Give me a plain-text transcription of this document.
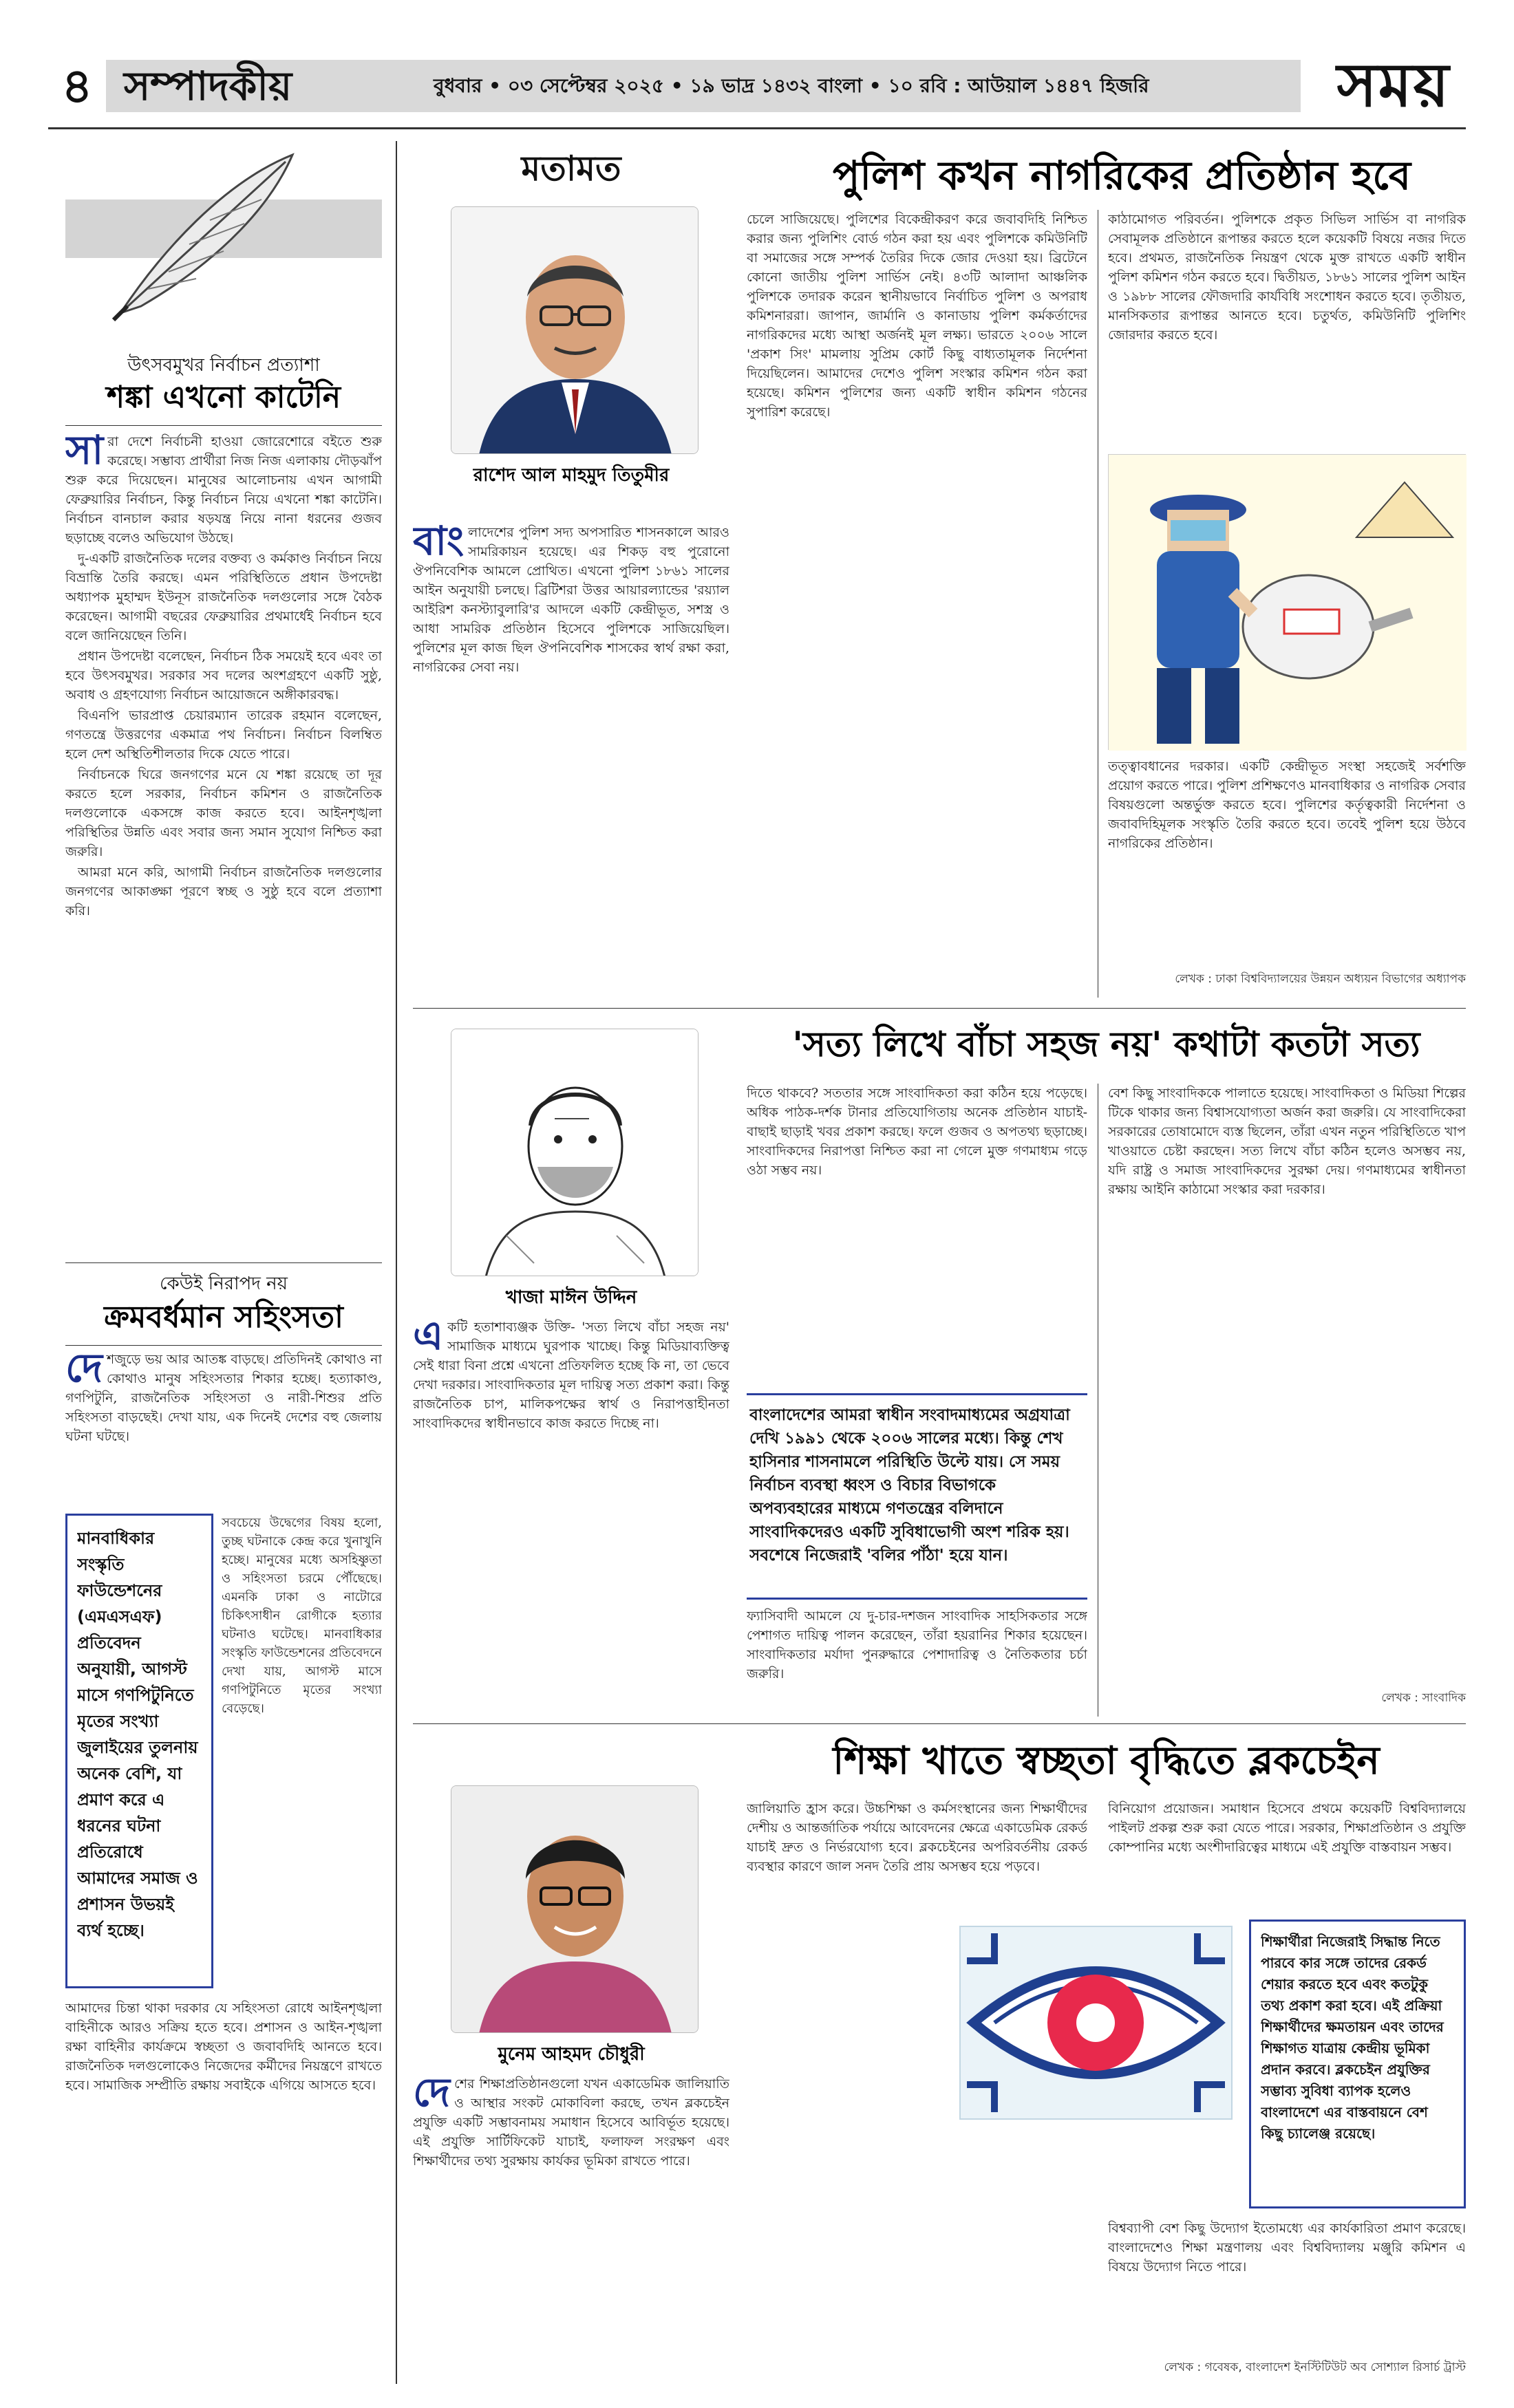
৪ সম্পাদকীয়	বুধবার • ০৩ সেপ্টেম্বর ২০২৫ • ১৯ ভাদ্র ১৪৩২ বাংলা • ১০ রবি : আউয়াল ১৪৪৭ হিজরি	সময়
উৎসবমুখর নির্বাচন প্রত্যাশা
শঙ্কা এখনো কাটেনি
সা রা দেশে নির্বাচনী হাওয়া জোরেশোরে বইতে শুরু করেছে। সম্ভাব্য প্রার্থীরা নিজ নিজ এলাকায় দৌড়ঝাঁপ শুরু করে দিয়েছেন। মানুষের আলোচনায় এখন আগামী ফেব্রুয়ারির নির্বাচন, কিন্তু নির্বাচন নিয়ে এখনো শঙ্কা কাটেনি। নির্বাচন বানচাল করার ষড়যন্ত্র নিয়ে নানা ধরনের গুজব ছড়াচ্ছে বলেও অভিযোগ উঠছে।

দু-একটি রাজনৈতিক দলের বক্তব্য ও কর্মকাণ্ড নির্বাচন নিয়ে বিভ্রান্তি তৈরি করছে। এমন পরিস্থিতিতে প্রধান উপদেষ্টা অধ্যাপক মুহাম্মদ ইউনূস রাজনৈতিক দলগুলোর সঙ্গে বৈঠক করেছেন। আগামী বছরের ফেব্রুয়ারির প্রথমার্ধেই নির্বাচন হবে বলে জানিয়েছেন তিনি।

প্রধান উপদেষ্টা বলেছেন, নির্বাচন ঠিক সময়েই হবে এবং তা হবে উৎসবমুখর। সরকার সব দলের অংশগ্রহণে একটি সুষ্ঠু, অবাধ ও গ্রহণযোগ্য নির্বাচন আয়োজনে অঙ্গীকারবদ্ধ।

বিএনপি ভারপ্রাপ্ত চেয়ারম্যান তারেক রহমান বলেছেন, গণতন্ত্রে উত্তরণের একমাত্র পথ নির্বাচন। নির্বাচন বিলম্বিত হলে দেশ অস্থিতিশীলতার দিকে যেতে পারে।

নির্বাচনকে ঘিরে জনগণের মনে যে শঙ্কা রয়েছে তা দূর করতে হলে সরকার, নির্বাচন কমিশন ও রাজনৈতিক দলগুলোকে একসঙ্গে কাজ করতে হবে। আইনশৃঙ্খলা পরিস্থিতির উন্নতি এবং সবার জন্য সমান সুযোগ নিশ্চিত করা জরুরি।

আমরা মনে করি, আগামী নির্বাচন রাজনৈতিক দলগুলোর জনগণের আকাঙ্ক্ষা পূরণে স্বচ্ছ ও সুষ্ঠু হবে বলে প্রত্যাশা করি।

কেউই নিরাপদ নয়
ক্রমবর্ধমান সহিংসতা
দে শজুড়ে ভয় আর আতঙ্ক বাড়ছে। প্রতিদিনই কোথাও না কোথাও মানুষ সহিংসতার শিকার হচ্ছে। হত্যাকাণ্ড, গণপিটুনি, রাজনৈতিক সহিংসতা ও নারী-শিশুর প্রতি সহিংসতা বাড়ছেই। দেখা যায়, এক দিনেই দেশের বহু জেলায় ঘটনা ঘটছে।
মানবাধিকার সংস্কৃতি ফাউন্ডেশনের (এমএসএফ) প্রতিবেদন অনুযায়ী, আগস্ট মাসে গণপিটুনিতে মৃতের সংখ্যা জুলাইয়ের তুলনায় অনেক বেশি, যা প্রমাণ করে এ ধরনের ঘটনা প্রতিরোধে আমাদের সমাজ ও প্রশাসন উভয়ই ব্যর্থ হচ্ছে।
সবচেয়ে উদ্বেগের বিষয় হলো, তুচ্ছ ঘটনাকে কেন্দ্র করে খুনাখুনি হচ্ছে। মানুষের মধ্যে অসহিষ্ণুতা ও সহিংসতা চরমে পৌঁছেছে। এমনকি ঢাকা ও নাটোরে চিকিৎসাধীন রোগীকে হত্যার ঘটনাও ঘটেছে। মানবাধিকার সংস্কৃতি ফাউন্ডেশনের প্রতিবেদনে দেখা যায়, আগস্ট মাসে গণপিটুনিতে মৃতের সংখ্যা বেড়েছে।
আমাদের চিন্তা থাকা দরকার যে সহিংসতা রোধে আইনশৃঙ্খলা বাহিনীকে আরও সক্রিয় হতে হবে। প্রশাসন ও আইন-শৃঙ্খলা রক্ষা বাহিনীর কার্যক্রমে স্বচ্ছতা ও জবাবদিহি আনতে হবে। রাজনৈতিক দলগুলোকেও নিজেদের কর্মীদের নিয়ন্ত্রণে রাখতে হবে। সামাজিক সম্প্রীতি রক্ষায় সবাইকে এগিয়ে আসতে হবে।
মতামত
রাশেদ আল মাহমুদ তিতুমীর
খাজা মাঈন উদ্দিন
মুনেম আহমদ চৌধুরী
পুলিশ কখন নাগরিকের প্রতিষ্ঠান হবে
বাং লাদেশের পুলিশ সদ্য অপসারিত শাসনকালে আরও সামরিকায়ন হয়েছে। এর শিকড় বহু পুরোনো ঔপনিবেশিক আমলে প্রোথিত। এখনো পুলিশ ১৮৬১ সালের আইন অনুযায়ী চলছে। ব্রিটিশরা উত্তর আয়ারল্যান্ডের 'রয়্যাল আইরিশ কনস্ট্যাবুলারি'র আদলে একটি কেন্দ্রীভূত, সশস্ত্র ও আধা সামরিক প্রতিষ্ঠান হিসেবে পুলিশকে সাজিয়েছিল। পুলিশের মূল কাজ ছিল ঔপনিবেশিক শাসকের স্বার্থ রক্ষা করা, নাগরিকের সেবা নয়।
চেলে সাজিয়েছে। পুলিশের বিকেন্দ্রীকরণ করে জবাবদিহি নিশ্চিত করার জন্য পুলিশিং বোর্ড গঠন করা হয় এবং পুলিশকে কমিউনিটি বা সমাজের সঙ্গে সম্পর্ক তৈরির দিকে জোর দেওয়া হয়। ব্রিটেনে কোনো জাতীয় পুলিশ সার্ভিস নেই। ৪৩টি আলাদা আঞ্চলিক পুলিশকে তদারক করেন স্থানীয়ভাবে নির্বাচিত পুলিশ ও অপরাধ কমিশনাররা। জাপান, জার্মানি ও কানাডায় পুলিশ কর্মকর্তাদের নাগরিকদের মধ্যে আস্থা অর্জনই মূল লক্ষ্য। ভারতে ২০০৬ সালে 'প্রকাশ সিং' মামলায় সুপ্রিম কোর্ট কিছু বাধ্যতামূলক নির্দেশনা দিয়েছিলেন। আমাদের দেশেও পুলিশ সংস্কার কমিশন গঠন করা হয়েছে। কমিশন পুলিশের জন্য একটি স্বাধীন কমিশন গঠনের সুপারিশ করেছে।
কাঠামোগত পরিবর্তন। পুলিশকে প্রকৃত সিভিল সার্ভিস বা নাগরিক সেবামূলক প্রতিষ্ঠানে রূপান্তর করতে হলে কয়েকটি বিষয়ে নজর দিতে হবে। প্রথমত, রাজনৈতিক নিয়ন্ত্রণ থেকে মুক্ত রাখতে একটি স্বাধীন পুলিশ কমিশন গঠন করতে হবে। দ্বিতীয়ত, ১৮৬১ সালের পুলিশ আইন ও ১৯৮৮ সালের ফৌজদারি কার্যবিধি সংশোধন করতে হবে। তৃতীয়ত, মানসিকতার রূপান্তর আনতে হবে। চতুর্থত, কমিউনিটি পুলিশিং জোরদার করতে হবে।
তত্ত্বাবধানের দরকার। একটি কেন্দ্রীভূত সংস্থা সহজেই সর্বশক্তি প্রয়োগ করতে পারে। পুলিশ প্রশিক্ষণেও মানবাধিকার ও নাগরিক সেবার বিষয়গুলো অন্তর্ভুক্ত করতে হবে। পুলিশের কর্তৃত্বকারী নির্দেশনা ও জবাবদিহিমূলক সংস্কৃতি তৈরি করতে হবে। তবেই পুলিশ হয়ে উঠবে নাগরিকের প্রতিষ্ঠান।
লেখক : ঢাকা বিশ্ববিদ্যালয়ের উন্নয়ন অধ্যয়ন বিভাগের অধ্যাপক
'সত্য লিখে বাঁচা সহজ নয়' কথাটা কতটা সত্য
এ কটি হতাশাব্যঞ্জক উক্তি- 'সত্য লিখে বাঁচা সহজ নয়' সামাজিক মাধ্যমে ঘুরপাক খাচ্ছে। কিন্তু মিডিয়াব্যক্তিত্ব সেই ধারা বিনা প্রশ্নে এখনো প্রতিফলিত হচ্ছে কি না, তা ভেবে দেখা দরকার। সাংবাদিকতার মূল দায়িত্ব সত্য প্রকাশ করা। কিন্তু রাজনৈতিক চাপ, মালিকপক্ষের স্বার্থ ও নিরাপত্তাহীনতা সাংবাদিকদের স্বাধীনভাবে কাজ করতে দিচ্ছে না।
দিতে থাকবে? সততার সঙ্গে সাংবাদিকতা করা কঠিন হয়ে পড়েছে। অধিক পাঠক-দর্শক টানার প্রতিযোগিতায় অনেক প্রতিষ্ঠান যাচাই-বাছাই ছাড়াই খবর প্রকাশ করছে। ফলে গুজব ও অপতথ্য ছড়াচ্ছে। সাংবাদিকদের নিরাপত্তা নিশ্চিত করা না গেলে মুক্ত গণমাধ্যম গড়ে ওঠা সম্ভব নয়।
বাংলাদেশের আমরা স্বাধীন সংবাদমাধ্যমের অগ্রযাত্রা দেখি ১৯৯১ থেকে ২০০৬ সালের মধ্যে। কিন্তু শেখ হাসিনার শাসনামলে পরিস্থিতি উল্টে যায়। সে সময় নির্বাচন ব্যবস্থা ধ্বংস ও বিচার বিভাগকে অপব্যবহারের মাধ্যমে গণতন্ত্রের বলিদানে সাংবাদিকদেরও একটি সুবিধাভোগী অংশ শরিক হয়। সবশেষে নিজেরাই 'বলির পাঁঠা' হয়ে যান।
ফ্যাসিবাদী আমলে যে দু-চার-দশজন সাংবাদিক সাহসিকতার সঙ্গে পেশাগত দায়িত্ব পালন করেছেন, তাঁরা হয়রানির শিকার হয়েছেন। সাংবাদিকতার মর্যাদা পুনরুদ্ধারে পেশাদারিত্ব ও নৈতিকতার চর্চা জরুরি।
বেশ কিছু সাংবাদিককে পালাতে হয়েছে। সাংবাদিকতা ও মিডিয়া শিল্পের টিকে থাকার জন্য বিশ্বাসযোগ্যতা অর্জন করা জরুরি। যে সাংবাদিকেরা সরকারের তোষামোদে ব্যস্ত ছিলেন, তাঁরা এখন নতুন পরিস্থিতিতে খাপ খাওয়াতে চেষ্টা করছেন। সত্য লিখে বাঁচা কঠিন হলেও অসম্ভব নয়, যদি রাষ্ট্র ও সমাজ সাংবাদিকদের সুরক্ষা দেয়। গণমাধ্যমের স্বাধীনতা রক্ষায় আইনি কাঠামো সংস্কার করা দরকার।
লেখক : সাংবাদিক
শিক্ষা খাতে স্বচ্ছতা বৃদ্ধিতে ব্লকচেইন
দে শের শিক্ষাপ্রতিষ্ঠানগুলো যখন একাডেমিক জালিয়াতি ও আস্থার সংকট মোকাবিলা করছে, তখন ব্লকচেইন প্রযুক্তি একটি সম্ভাবনাময় সমাধান হিসেবে আবির্ভূত হয়েছে। এই প্রযুক্তি সার্টিফিকেট যাচাই, ফলাফল সংরক্ষণ এবং শিক্ষার্থীদের তথ্য সুরক্ষায় কার্যকর ভূমিকা রাখতে পারে।
জালিয়াতি হ্রাস করে। উচ্চশিক্ষা ও কর্মসংস্থানের জন্য শিক্ষার্থীদের দেশীয় ও আন্তর্জাতিক পর্যায়ে আবেদনের ক্ষেত্রে একাডেমিক রেকর্ড যাচাই দ্রুত ও নির্ভরযোগ্য হবে। ব্লকচেইনের অপরিবর্তনীয় রেকর্ড ব্যবস্থার কারণে জাল সনদ তৈরি প্রায় অসম্ভব হয়ে পড়বে।
বিনিয়োগ প্রয়োজন। সমাধান হিসেবে প্রথমে কয়েকটি বিশ্ববিদ্যালয়ে পাইলট প্রকল্প শুরু করা যেতে পারে। সরকার, শিক্ষাপ্রতিষ্ঠান ও প্রযুক্তি কোম্পানির মধ্যে অংশীদারিত্বের মাধ্যমে এই প্রযুক্তি বাস্তবায়ন সম্ভব।
শিক্ষার্থীরা নিজেরাই সিদ্ধান্ত নিতে পারবে কার সঙ্গে তাদের রেকর্ড শেয়ার করতে হবে এবং কতটুকু তথ্য প্রকাশ করা হবে। এই প্রক্রিয়া শিক্ষার্থীদের ক্ষমতায়ন এবং তাদের শিক্ষাগত যাত্রায় কেন্দ্রীয় ভূমিকা প্রদান করবে। ব্লকচেইন প্রযুক্তির সম্ভাব্য সুবিধা ব্যাপক হলেও বাংলাদেশে এর বাস্তবায়নে বেশ কিছু চ্যালেঞ্জ রয়েছে।
বিশ্বব্যাপী বেশ কিছু উদ্যোগ ইতোমধ্যে এর কার্যকারিতা প্রমাণ করেছে। বাংলাদেশেও শিক্ষা মন্ত্রণালয় এবং বিশ্ববিদ্যালয় মঞ্জুরি কমিশন এ বিষয়ে উদ্যোগ নিতে পারে।
লেখক : গবেষক, বাংলাদেশ ইনস্টিটিউট অব সোশ্যাল রিসার্চ ট্রাস্ট
